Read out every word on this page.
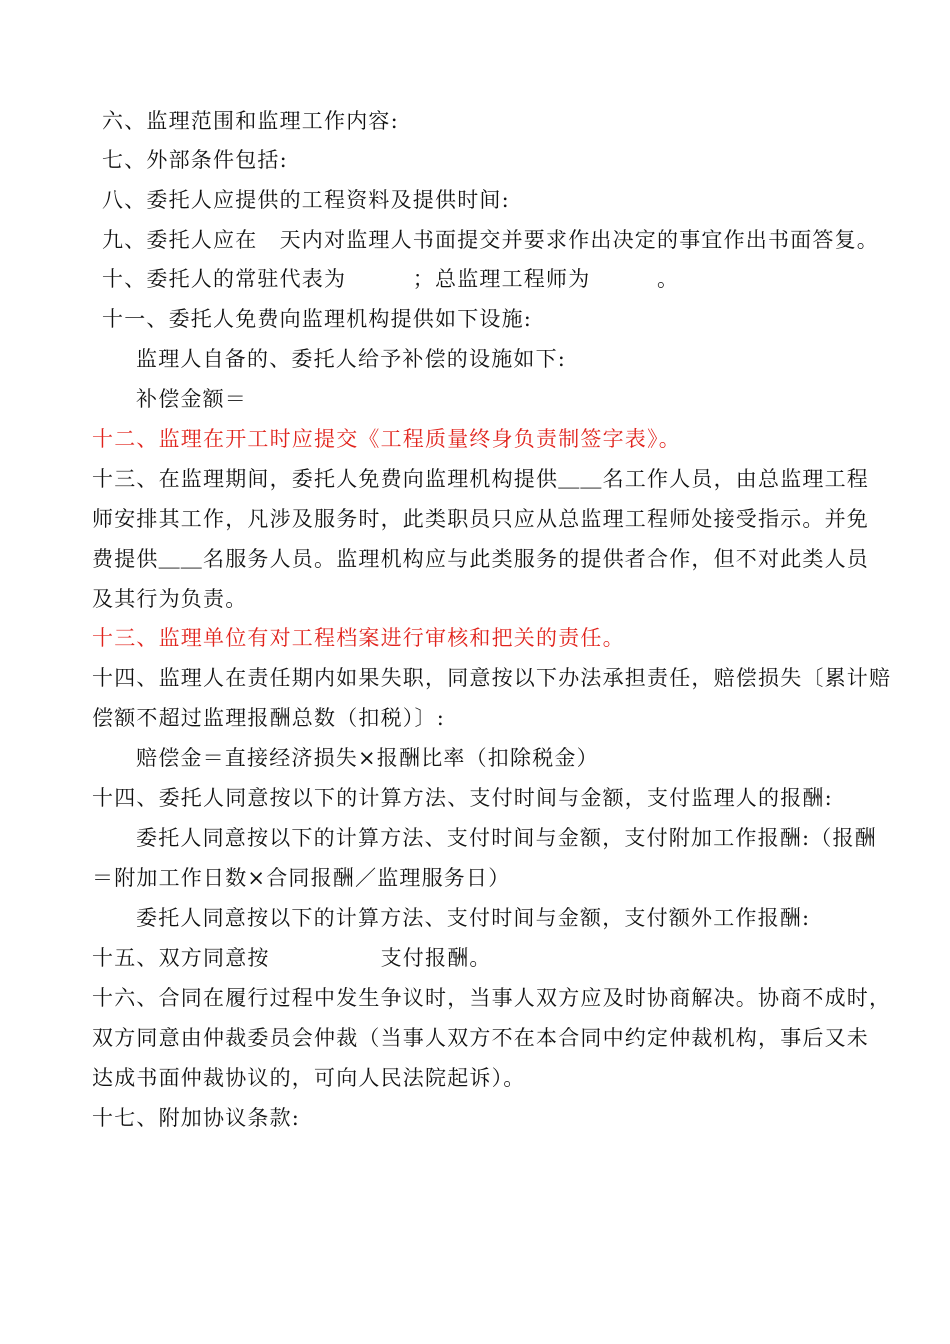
六、监理范围和监理工作内容:
七、外部条件包括:
八、委托人应提供的工程资料及提供时间:
九、委托人应在　天内对监理人书面提交并要求作出决定的事宜作出书面答复。
十、委托人的常驻代表为　　　；总监理工程师为　　　。
十一、委托人免费向监理机构提供如下设施:
监理人自备的、委托人给予补偿的设施如下:
补偿金额＝
十二、监理在开工时应提交《工程质量终身负责制签字表》。
十三、在监理期间，委托人免费向监理机构提供＿＿名工作人员，由总监理工程
师安排其工作，凡涉及服务时，此类职员只应从总监理工程师处接受指示。并免
费提供＿＿名服务人员。监理机构应与此类服务的提供者合作，但不对此类人员
及其行为负责。
十三、监理单位有对工程档案进行审核和把关的责任。
十四、监理人在责任期内如果失职，同意按以下办法承担责任，赔偿损失〔累计赔
偿额不超过监理报酬总数（扣税）〕:
赔偿金＝直接经济损失×报酬比率（扣除税金）
十四、委托人同意按以下的计算方法、支付时间与金额，支付监理人的报酬:
委托人同意按以下的计算方法、支付时间与金额，支付附加工作报酬:（报酬
＝附加工作日数×合同报酬／监理服务日）
委托人同意按以下的计算方法、支付时间与金额，支付额外工作报酬:
十五、双方同意按　　　　　支付报酬。
十六、合同在履行过程中发生争议时，当事人双方应及时协商解决。协商不成时，
双方同意由仲裁委员会仲裁（当事人双方不在本合同中约定仲裁机构，事后又未
达成书面仲裁协议的，可向人民法院起诉）。
十七、附加协议条款:
